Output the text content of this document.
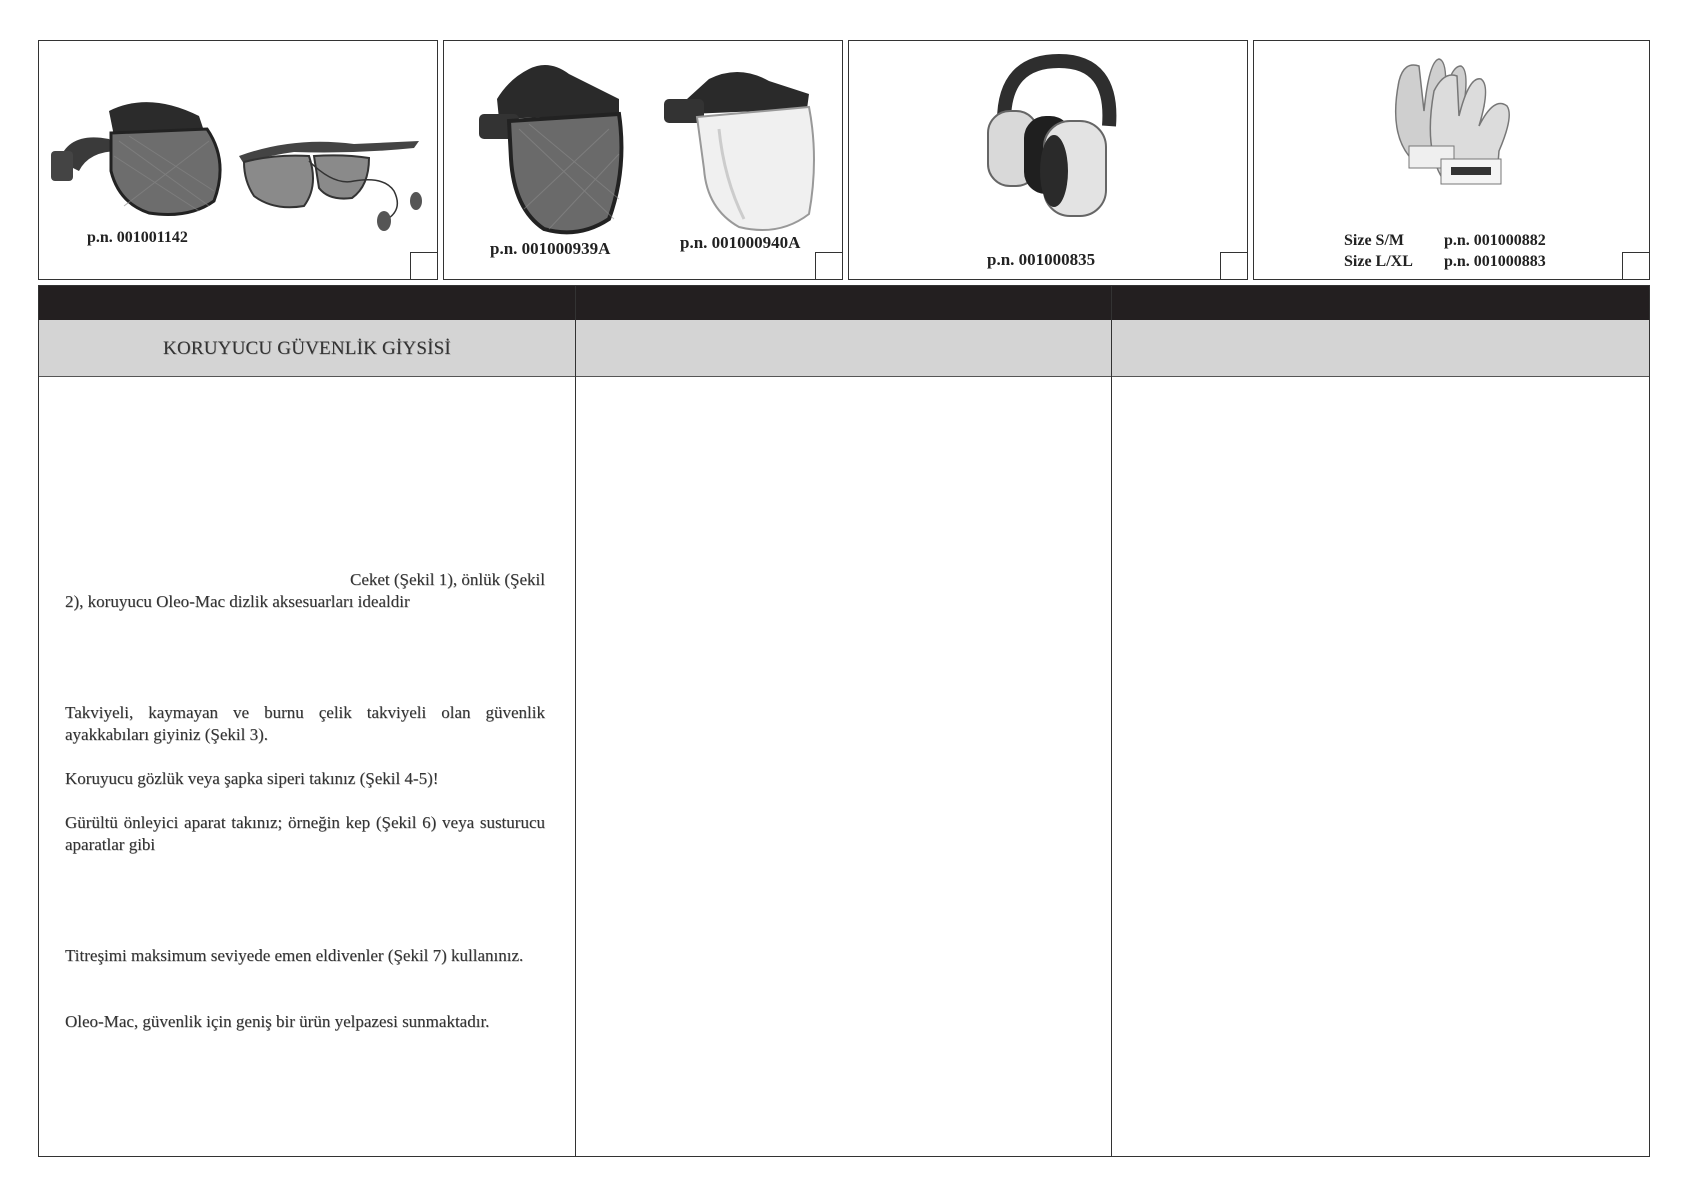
p.n. 001001142
p.n. 001000939A	p.n. 001000940A
p.n. 001000835
Size S/M	p.n. 001000882
Size L/XL p.n. 001000883
KORUYUCU GÜVENLİK GİYSİSİ
Ceket (Şekil 1), önlük (Şekil
2), koruyucu Oleo-Mac dizlik aksesuarları idealdir
Takviyeli, kaymayan ve burnu çelik takviyeli olan güvenlik ayakkabıları giyiniz (Şekil 3).
Koruyucu gözlük veya şapka siperi takınız (Şekil 4-5)!
Gürültü önleyici aparat takınız; örneğin kep (Şekil 6) veya susturucu aparatlar gibi
Titreşimi maksimum seviyede emen eldivenler (Şekil 7) kullanınız.
Oleo-Mac, güvenlik için geniş bir ürün yelpazesi sunmaktadır.
